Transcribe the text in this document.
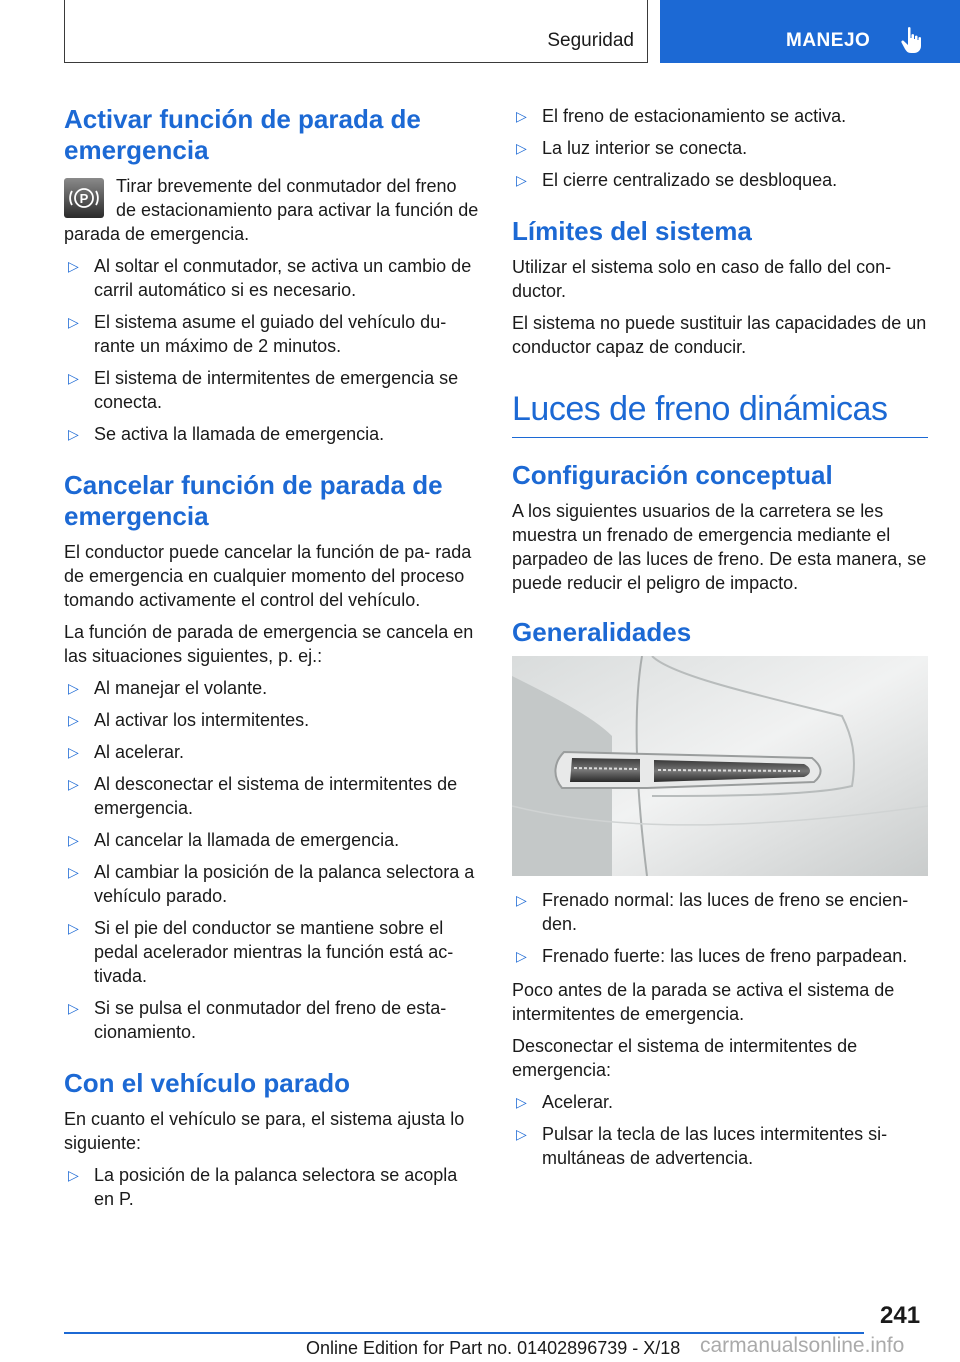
Seguridad	MANEJO
Activar función de parada de emergencia
P

Tirar brevemente del conmutador del freno de estacionamiento para activar la función de parada de emergencia.

▷ Al soltar el conmutador, se activa un cambio de carril automático si es necesario.
▷ El sistema asume el guiado del vehículo du- rante un máximo de 2 minutos.
▷ El sistema de intermitentes de emergencia se conecta.
▷ Se activa la llamada de emergencia.
Cancelar función de parada de emergencia

El conductor puede cancelar la función de pa- rada de emergencia en cualquier momento del proceso tomando activamente el control del vehículo.

La función de parada de emergencia se cancela en las situaciones siguientes, p. ej.:

▷ Al manejar el volante.
▷ Al activar los intermitentes.
▷ Al acelerar.
▷ Al desconectar el sistema de intermitentes de emergencia.
▷ Al cancelar la llamada de emergencia.
▷ Al cambiar la posición de la palanca selectora a vehículo parado.
▷ Si el pie del conductor se mantiene sobre el pedal acelerador mientras la función está ac- tivada.
▷ Si se pulsa el conmutador del freno de esta- cionamiento.
Con el vehículo parado

En cuanto el vehículo se para, el sistema ajusta lo siguiente:

▷ La posición de la palanca selectora se acopla en P.
▷ El freno de estacionamiento se activa.
▷ La luz interior se conecta.
▷ El cierre centralizado se desbloquea.
Límites del sistema

Utilizar el sistema solo en caso de fallo del con- ductor.

El sistema no puede sustituir las capacidades de un conductor capaz de conducir.

Luces de freno dinámicas
Configuración conceptual

A los siguientes usuarios de la carretera se les muestra un frenado de emergencia mediante el parpadeo de las luces de freno. De esta manera, se puede reducir el peligro de impacto.

Generalidades
▷ Frenado normal: las luces de freno se encien- den.
▷ Frenado fuerte: las luces de freno parpadean.

Poco antes de la parada se activa el sistema de intermitentes de emergencia.

Desconectar el sistema de intermitentes de emergencia:

▷ Acelerar.
▷ Pulsar la tecla de las luces intermitentes si- multáneas de advertencia.
241
Online Edition for Part no. 01402896739 - X/18 carmanualsonline.info
